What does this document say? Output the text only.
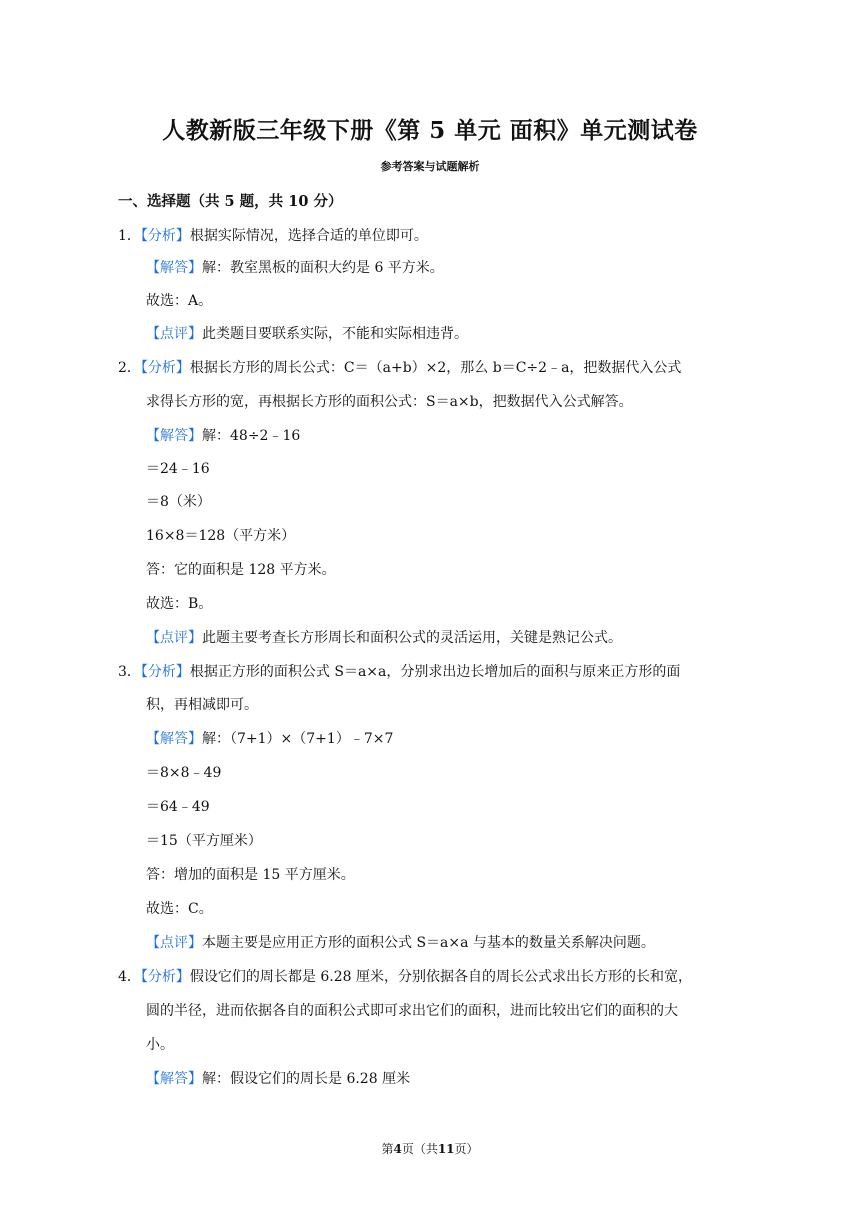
人教新版三年级下册《第 5 单元 面积》单元测试卷
参考答案与试题解析
一、选择题（共 5 题，共 10 分）
1．【分析】根据实际情况，选择合适的单位即可。
【解答】解：教室黑板的面积大约是 6 平方米。
故选：A。
【点评】此类题目要联系实际，不能和实际相违背。
2．【分析】根据长方形的周长公式：C＝（a+b）×2，那么 b＝C÷2﹣a，把数据代入公式
求得长方形的宽，再根据长方形的面积公式：S＝a×b，把数据代入公式解答。
【解答】解：48÷2﹣16
＝24﹣16
＝8（米）
16×8＝128（平方米）
答：它的面积是 128 平方米。
故选：B。
【点评】此题主要考查长方形周长和面积公式的灵活运用，关键是熟记公式。
3．【分析】根据正方形的面积公式 S＝a×a，分别求出边长增加后的面积与原来正方形的面
积，再相减即可。
【解答】解：（7+1）×（7+1）﹣7×7
＝8×8﹣49
＝64﹣49
＝15（平方厘米）
答：增加的面积是 15 平方厘米。
故选：C。
【点评】本题主要是应用正方形的面积公式 S＝a×a 与基本的数量关系解决问题。
4．【分析】假设它们的周长都是 6.28 厘米，分别依据各自的周长公式求出长方形的长和宽，
圆的半径，进而依据各自的面积公式即可求出它们的面积，进而比较出它们的面积的大
小。
【解答】解：假设它们的周长是 6.28 厘米
第4页（共11页）
